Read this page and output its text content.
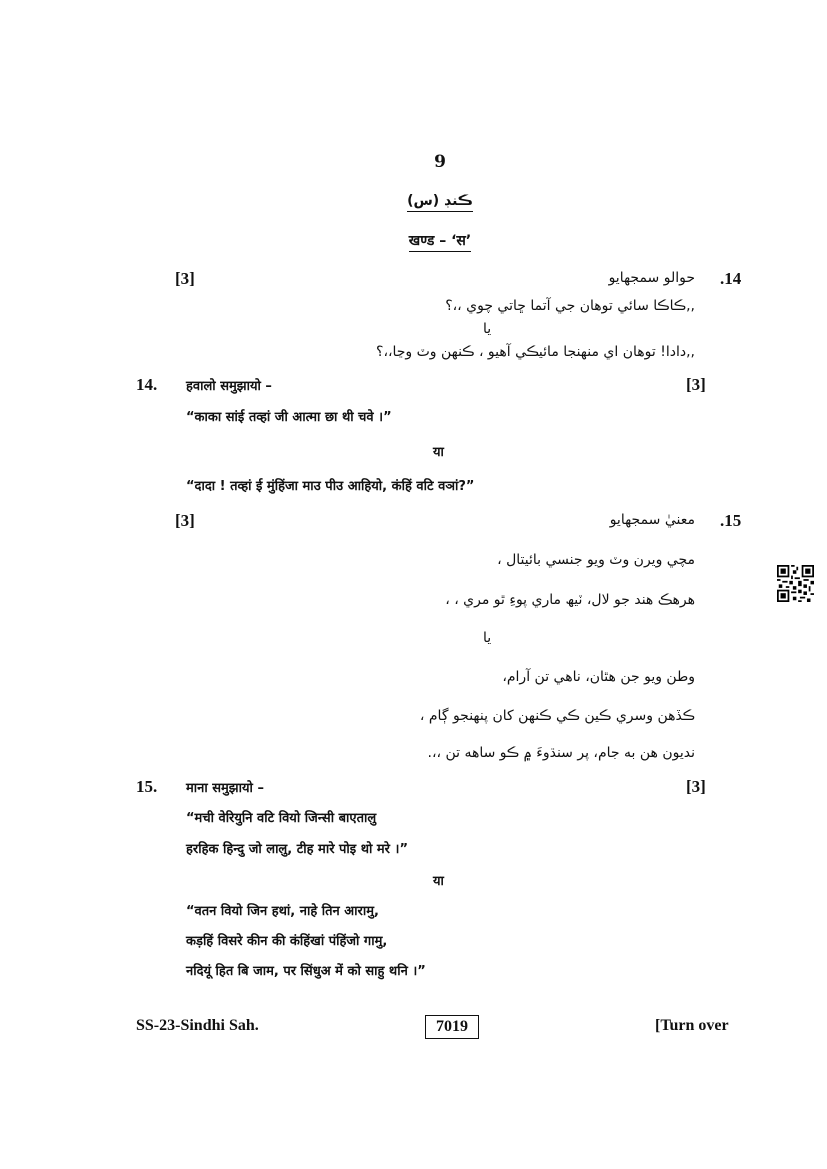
9
ڪنڊ (س)
खण्ड – ‘स’
.14
حوالو سمجھايو
[3]
,,ڪاڪا سائي توهان جي آتما ڇاتي چوي ،،؟
يا
,,دادا! توهان اي منهنجا مائيڪي آهيو ، ڪنهن وٽ وڃا،،؟
14. हवालो समुझायो –	[3]
“काका सांई तव्हां जी आत्मा छा थी चवे ।”
या
“दादा ! तव्हां ई मुंहिंजा माउ पीउ आहियो, कंहिं वटि वञां?”
.15
معنيٰ سمجھايو
[3]
مچي ويرن وٽ ويو جنسي بائيتال ،
هرهڪ هند جو لال، ٽيھ ماري پوءِ ٿو مري ، ،
يا
وطن ويو جن هٿان، ناهي تن آرام،
ڪڏهن وسري ڪين ڪي ڪنهن کان پنهنجو ڳام ،
نديون هن به جام، پر سنڌوءَ ۾ ڪو ساهه تن ،،.
15. माना समुझायो –	[3]
“मची वेरियुनि वटि वियो जिन्सी बाएतालु
हरहिक हिन्दु जो लालु, टीह मारे पोइ थो मरे ।”
या
“वतन वियो जिन हथां, नाहे तिन आरामु,
कड़हिं विसरे कीन की कंहिंखां पंहिंजो गामु,
नदियूं हित बि जाम, पर सिंधुअ में को साहु थनि ।”
SS-23-Sindhi Sah.	7019	[Turn over
